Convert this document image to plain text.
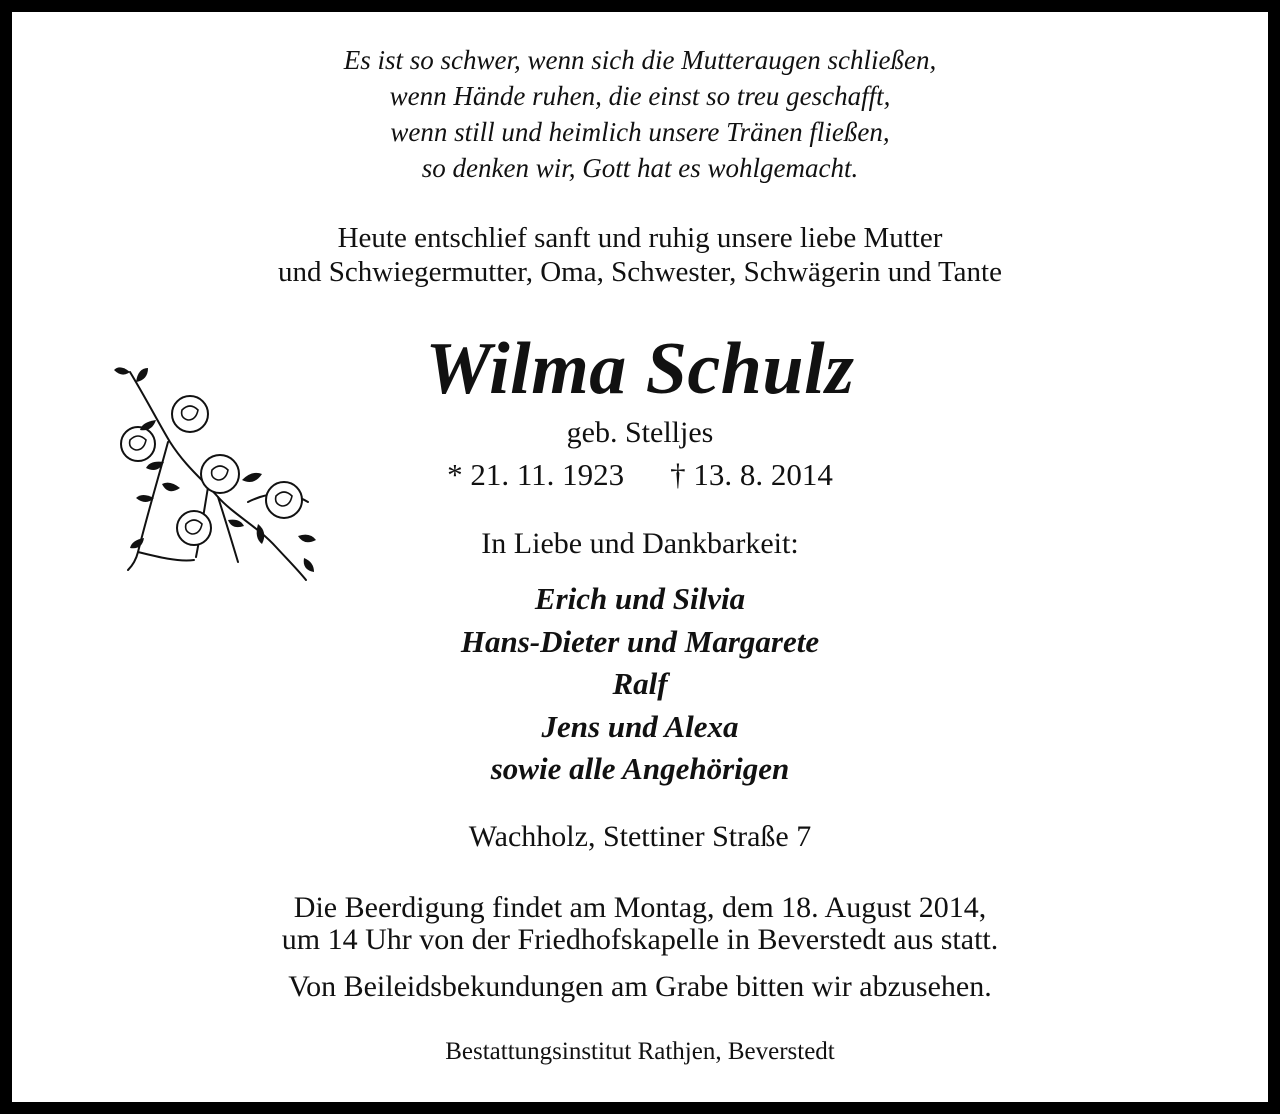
Es ist so schwer, wenn sich die Mutteraugen schließen,
wenn Hände ruhen, die einst so treu geschafft,
wenn still und heimlich unsere Tränen fließen,
so denken wir, Gott hat es wohlgemacht.
Heute entschlief sanft und ruhig unsere liebe Mutter
und Schwiegermutter, Oma, Schwester, Schwägerin und Tante
Wilma Schulz
geb. Stelljes
* 21. 11. 1923 † 13. 8. 2014
In Liebe und Dankbarkeit:
Erich und Silvia
Hans-Dieter und Margarete
Ralf
Jens und Alexa
sowie alle Angehörigen
Wachholz, Stettiner Straße 7
Die Beerdigung findet am Montag, dem 18. August 2014,
um 14 Uhr von der Friedhofskapelle in Beverstedt aus statt.
Von Beileidsbekundungen am Grabe bitten wir abzusehen.
Bestattungsinstitut Rathjen, Beverstedt
